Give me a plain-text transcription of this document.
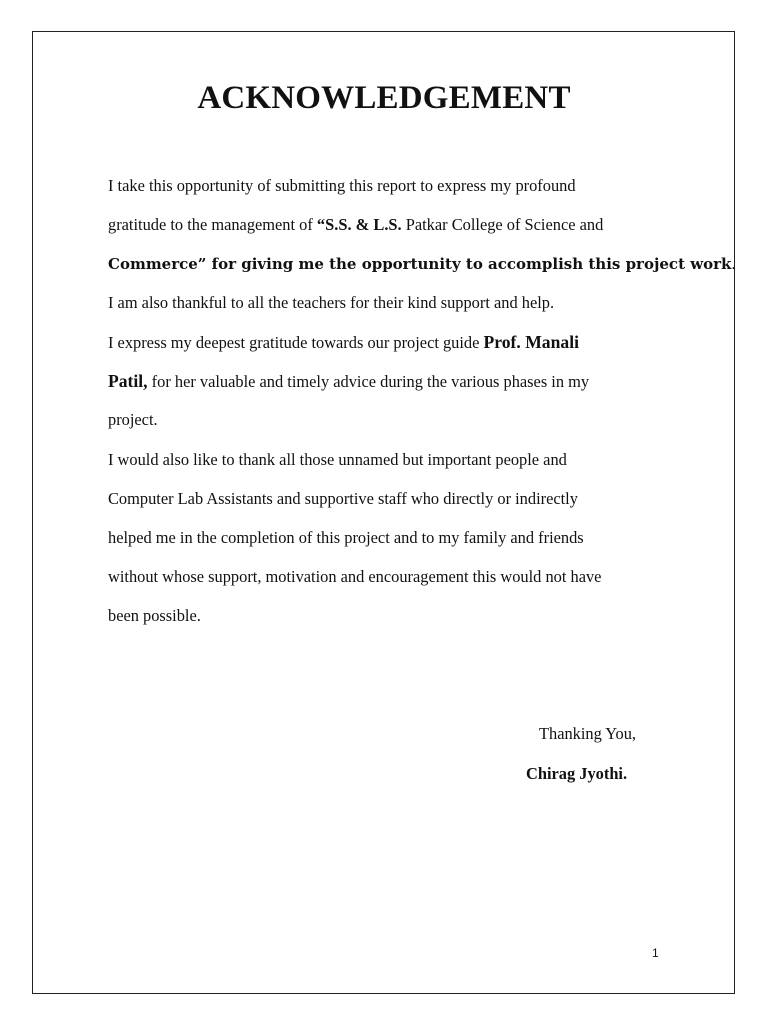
ACKNOWLEDGEMENT

I take this opportunity of submitting this report to express my profound

gratitude to the management of “S.S. & L.S. Patkar College of Science and

Commerce” for giving me the opportunity to accomplish this project work.

I am also thankful to all the teachers for their kind support and help.

I express my deepest gratitude towards our project guide Prof. Manali

Patil, for her valuable and timely advice during the various phases in my

project.

I would also like to thank all those unnamed but important people and

Computer Lab Assistants and supportive staff who directly or indirectly

helped me in the completion of this project and to my family and friends

without whose support, motivation and encouragement this would not have

been possible.

Thanking You,

Chirag Jyothi.

1
